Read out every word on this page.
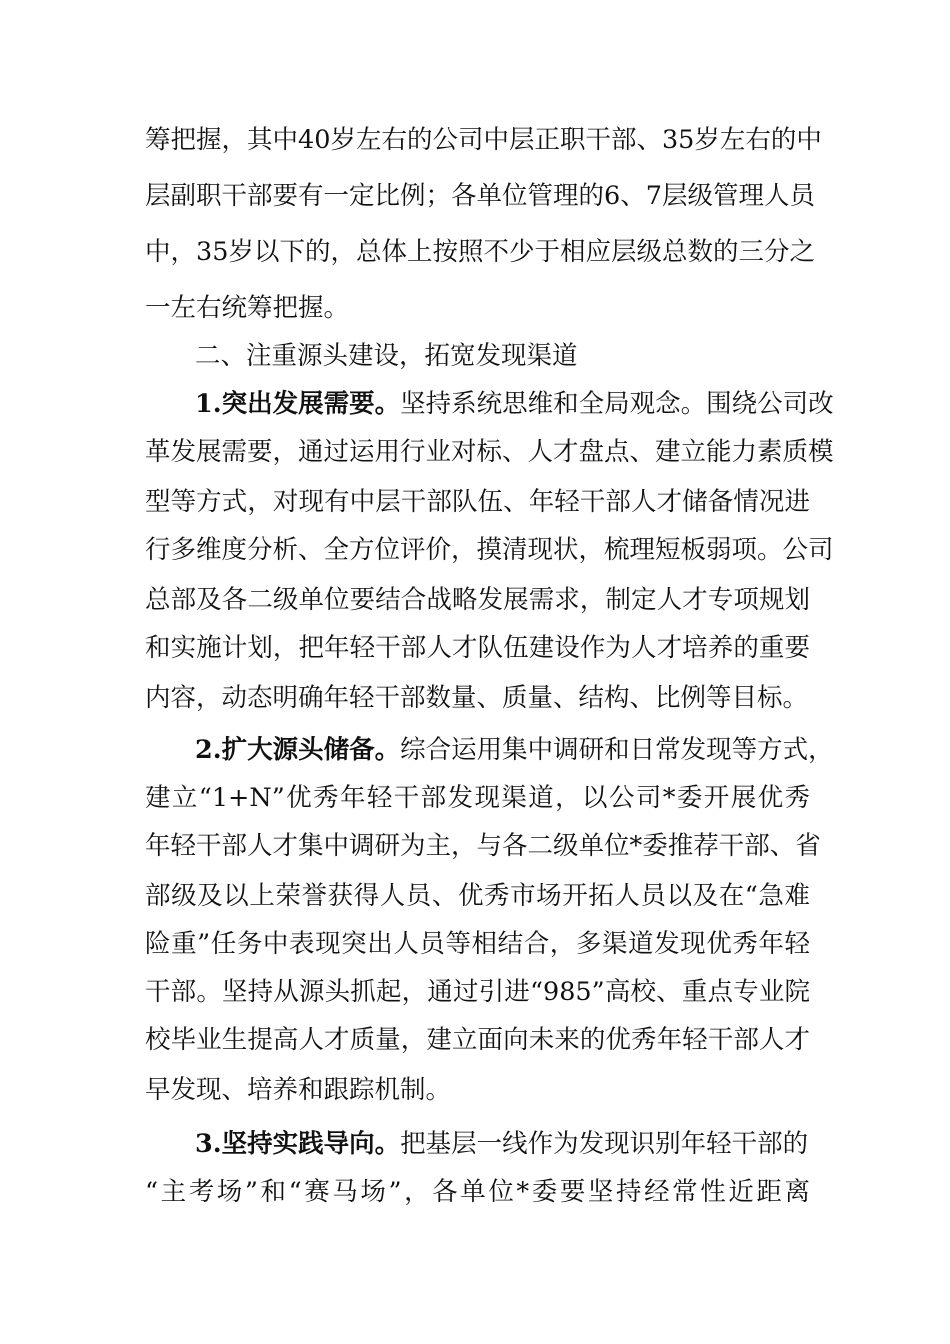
筹把握，其中40岁左右的公司中层正职干部、35岁左右的中
层副职干部要有一定比例；各单位管理的6、7层级管理人员
中，35岁以下的，总体上按照不少于相应层级总数的三分之
一左右统筹把握。
二、注重源头建设，拓宽发现渠道
1.突出发展需要。坚持系统思维和全局观念。围绕公司改
革发展需要，通过运用行业对标、人才盘点、建立能力素质模
型等方式，对现有中层干部队伍、年轻干部人才储备情况进
行多维度分析、全方位评价，摸清现状，梳理短板弱项。公司
总部及各二级单位要结合战略发展需求，制定人才专项规划
和实施计划，把年轻干部人才队伍建设作为人才培养的重要
内容，动态明确年轻干部数量、质量、结构、比例等目标。
2.扩大源头储备。综合运用集中调研和日常发现等方式，
建立“1+N”优秀年轻干部发现渠道，以公司*委开展优秀
年轻干部人才集中调研为主，与各二级单位*委推荐干部、省
部级及以上荣誉获得人员、优秀市场开拓人员以及在“急难
险重”任务中表现突出人员等相结合，多渠道发现优秀年轻
干部。坚持从源头抓起，通过引进“985”高校、重点专业院
校毕业生提高人才质量，建立面向未来的优秀年轻干部人才
早发现、培养和跟踪机制。
3.坚持实践导向。把基层一线作为发现识别年轻干部的
“主考场”和“赛马场”，各单位*委要坚持经常性近距离
